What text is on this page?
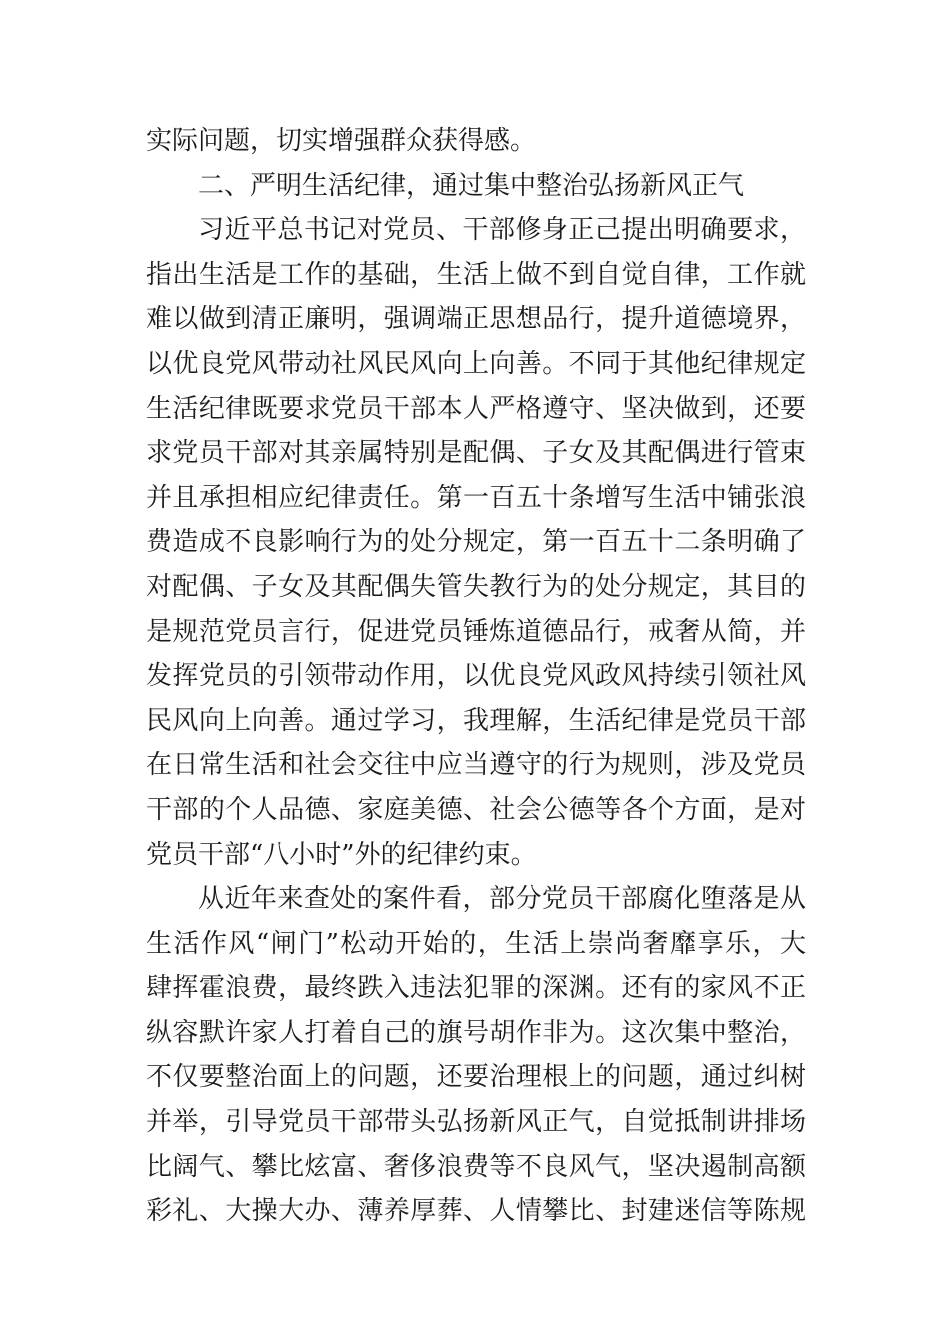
实际问题，切实增强群众获得感。
二、严明生活纪律，通过集中整治弘扬新风正气
习近平总书记对党员、干部修身正己提出明确要求，
指出生活是工作的基础，生活上做不到自觉自律，工作就
难以做到清正廉明，强调端正思想品行，提升道德境界，
以优良党风带动社风民风向上向善。不同于其他纪律规定
生活纪律既要求党员干部本人严格遵守、坚决做到，还要
求党员干部对其亲属特别是配偶、子女及其配偶进行管束
并且承担相应纪律责任。第一百五十条增写生活中铺张浪
费造成不良影响行为的处分规定，第一百五十二条明确了
对配偶、子女及其配偶失管失教行为的处分规定，其目的
是规范党员言行，促进党员锤炼道德品行，戒奢从简，并
发挥党员的引领带动作用，以优良党风政风持续引领社风
民风向上向善。通过学习，我理解，生活纪律是党员干部
在日常生活和社会交往中应当遵守的行为规则，涉及党员
干部的个人品德、家庭美德、社会公德等各个方面，是对
党员干部“八小时”外的纪律约束。
从近年来查处的案件看，部分党员干部腐化堕落是从
生活作风“闸门”松动开始的，生活上崇尚奢靡享乐，大
肆挥霍浪费，最终跌入违法犯罪的深渊。还有的家风不正
纵容默许家人打着自己的旗号胡作非为。这次集中整治，
不仅要整治面上的问题，还要治理根上的问题，通过纠树
并举，引导党员干部带头弘扬新风正气，自觉抵制讲排场
比阔气、攀比炫富、奢侈浪费等不良风气，坚决遏制高额
彩礼、大操大办、薄养厚葬、人情攀比、封建迷信等陈规
